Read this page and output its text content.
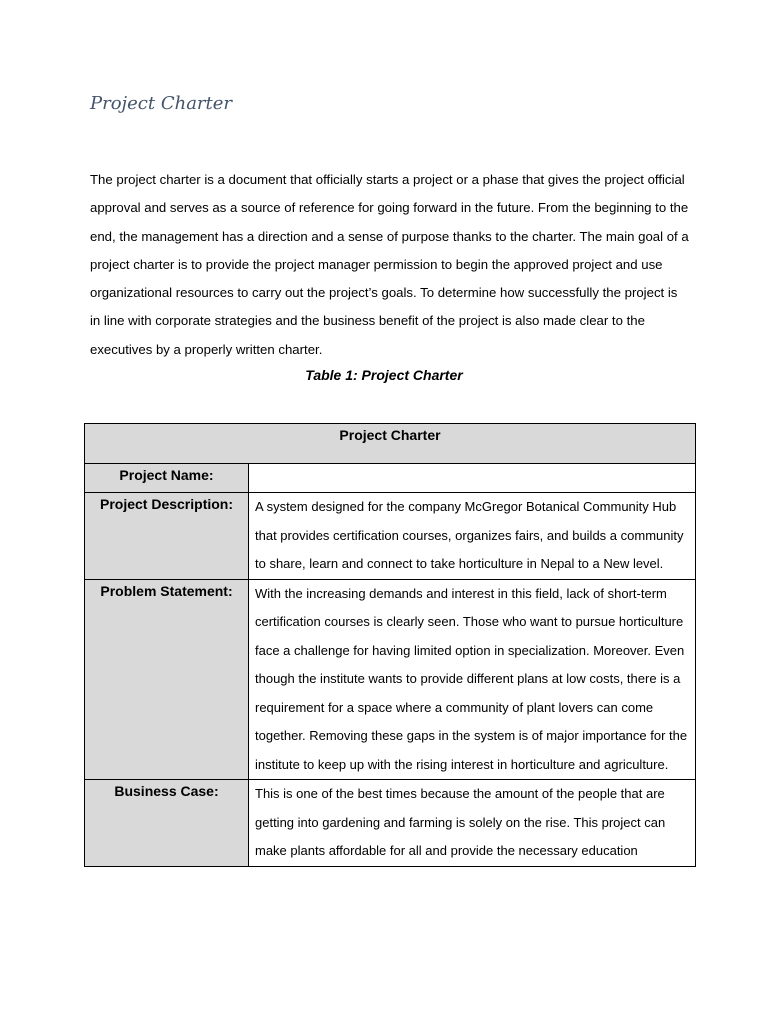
Project Charter

The project charter is a document that officially starts a project or a phase that gives the project official approval and serves as a source of reference for going forward in the future. From the beginning to the end, the management has a direction and a sense of purpose thanks to the charter. The main goal of a project charter is to provide the project manager permission to begin the approved project and use organizational resources to carry out the project’s goals. To determine how successfully the project is in line with corporate strategies and the business benefit of the project is also made clear to the executives by a properly written charter.

Table 1: Project Charter

Project Charter	

Project Name:	

Project Description:	A system designed for the company McGregor Botanical Community Hub that provides certification courses, organizes fairs, and builds a community to share, learn and connect to take horticulture in Nepal to a New level.

Problem Statement:	With the increasing demands and interest in this field, lack of short-term certification courses is clearly seen. Those who want to pursue horticulture face a challenge for having limited option in specialization. Moreover. Even though the institute wants to provide different plans at low costs, there is a requirement for a space where a community of plant lovers can come together. Removing these gaps in the system is of major importance for the institute to keep up with the rising interest in horticulture and agriculture.

Business Case:	This is one of the best times because the amount of the people that are getting into gardening and farming is solely on the rise. This project can make plants affordable for all and provide the necessary education
